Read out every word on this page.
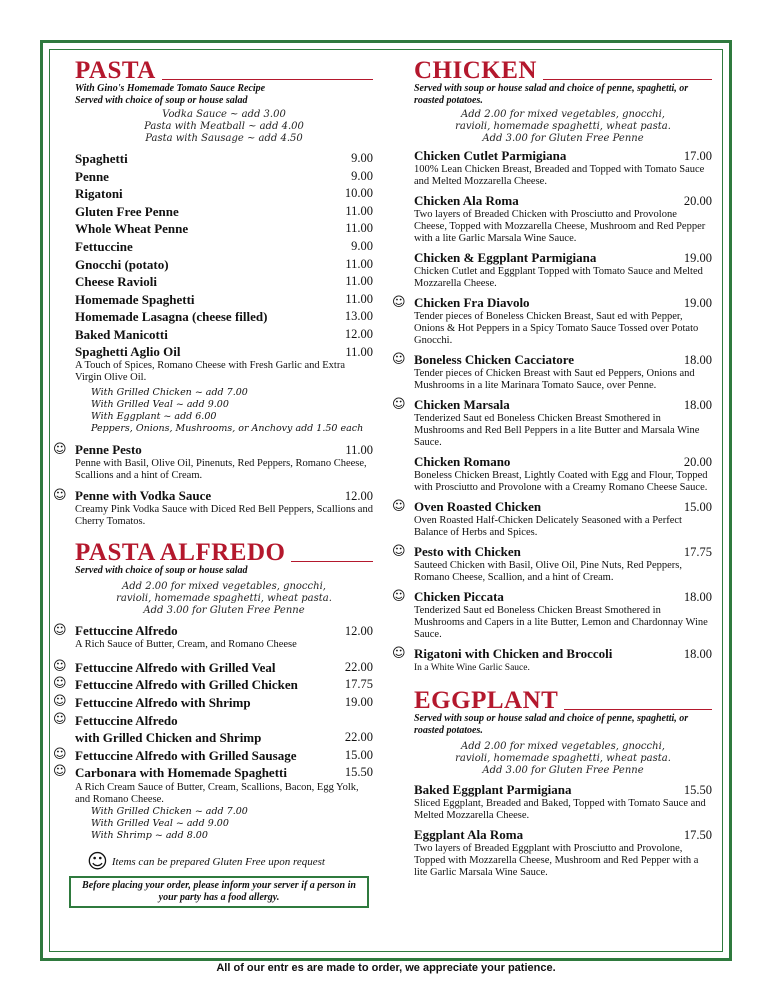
PASTA
With Gino's Homemade Tomato Sauce Recipe
Served with choice of soup or house salad
Vodka Sauce ~ add 3.00
Pasta with Meatball ~ add 4.00
Pasta with Sausage ~ add 4.50
Spaghetti	9.00
Penne	9.00
Rigatoni	10.00
Gluten Free Penne	11.00
Whole Wheat Penne	11.00
Fettuccine	9.00
Gnocchi (potato)	11.00
Cheese Ravioli	11.00
Homemade Spaghetti	11.00
Homemade Lasagna (cheese filled)	13.00
Baked Manicotti	12.00
Spaghetti Aglio Oil	11.00
A Touch of Spices, Romano Cheese with Fresh Garlic and Extra Virgin Olive Oil.
With Grilled Chicken ~ add 7.00
With Grilled Veal ~ add 9.00
With Eggplant ~ add 6.00
Peppers, Onions, Mushrooms, or Anchovy add 1.50 each
☺ Penne Pesto	11.00
Penne with Basil, Olive Oil, Pinenuts, Red Peppers, Romano Cheese, Scallions and a hint of Cream.
☺ Penne with Vodka Sauce	12.00
Creamy Pink Vodka Sauce with Diced Red Bell Peppers, Scallions and Cherry Tomatos.
PASTA ALFREDO
Served with choice of soup or house salad
Add 2.00 for mixed vegetables, gnocchi,
ravioli, homemade spaghetti, wheat pasta.
Add 3.00 for Gluten Free Penne
☺ Fettuccine Alfredo	12.00
A Rich Sauce of Butter, Cream, and Romano Cheese
☺ Fettuccine Alfredo with Grilled Veal	22.00
☺ Fettuccine Alfredo with Grilled Chicken	17.75
☺ Fettuccine Alfredo with Shrimp	19.00
☺ Fettuccine Alfredo
with Grilled Chicken and Shrimp	22.00
☺ Fettuccine Alfredo with Grilled Sausage	15.00
☺ Carbonara with Homemade Spaghetti	15.50
A Rich Cream Sauce of Butter, Cream, Scallions, Bacon, Egg Yolk, and Romano Cheese.
With Grilled Chicken ~ add 7.00
With Grilled Veal ~ add 9.00
With Shrimp ~ add 8.00
☺ Items can be prepared Gluten Free upon request
Before placing your order, please inform your server if a person in your party has a food allergy.
CHICKEN
Served with soup or house salad and choice of penne, spaghetti, or roasted potatoes.
Add 2.00 for mixed vegetables, gnocchi,
ravioli, homemade spaghetti, wheat pasta.
Add 3.00 for Gluten Free Penne
Chicken Cutlet Parmigiana	17.00
100% Lean Chicken Breast, Breaded and Topped with Tomato Sauce and Melted Mozzarella Cheese.
Chicken Ala Roma	20.00
Two layers of Breaded Chicken with Prosciutto and Provolone Cheese, Topped with Mozzarella Cheese, Mushroom and Red Pepper with a lite Garlic Marsala Wine Sauce.
Chicken & Eggplant Parmigiana	19.00
Chicken Cutlet and Eggplant Topped with Tomato Sauce and Melted Mozzarella Cheese.
☺ Chicken Fra Diavolo	19.00
Tender pieces of Boneless Chicken Breast, Saut ed with Pepper, Onions & Hot Peppers in a Spicy Tomato Sauce Tossed over Potato Gnocchi.
☺ Boneless Chicken Cacciatore	18.00
Tender pieces of Chicken Breast with Saut ed Peppers, Onions and Mushrooms in a lite Marinara Tomato Sauce, over Penne.
☺ Chicken Marsala	18.00
Tenderized Saut ed Boneless Chicken Breast Smothered in Mushrooms and Red Bell Peppers in a lite Butter and Marsala Wine Sauce.
Chicken Romano	20.00
Boneless Chicken Breast, Lightly Coated with Egg and Flour, Topped with Prosciutto and Provolone with a Creamy Romano Cheese Sauce.
☺ Oven Roasted Chicken	15.00
Oven Roasted Half-Chicken Delicately Seasoned with a Perfect Balance of Herbs and Spices.
☺ Pesto with Chicken	17.75
Sauteed Chicken with Basil, Olive Oil, Pine Nuts, Red Peppers, Romano Cheese, Scallion, and a hint of Cream.
☺ Chicken Piccata	18.00
Tenderized Saut ed Boneless Chicken Breast Smothered in Mushrooms and Capers in a lite Butter, Lemon and Chardonnay Wine Sauce.
☺ Rigatoni with Chicken and Broccoli	18.00
In a White Wine Garlic Sauce.
EGGPLANT
Served with soup or house salad and choice of penne, spaghetti, or roasted potatoes.
Add 2.00 for mixed vegetables, gnocchi,
ravioli, homemade spaghetti, wheat pasta.
Add 3.00 for Gluten Free Penne
Baked Eggplant Parmigiana	15.50
Sliced Eggplant, Breaded and Baked, Topped with Tomato Sauce and Melted Mozzarella Cheese.
Eggplant Ala Roma	17.50
Two layers of Breaded Eggplant with Prosciutto and Provolone, Topped with Mozzarella Cheese, Mushroom and Red Pepper with a lite Garlic Marsala Wine Sauce.
All of our entr es are made to order, we appreciate your patience.
